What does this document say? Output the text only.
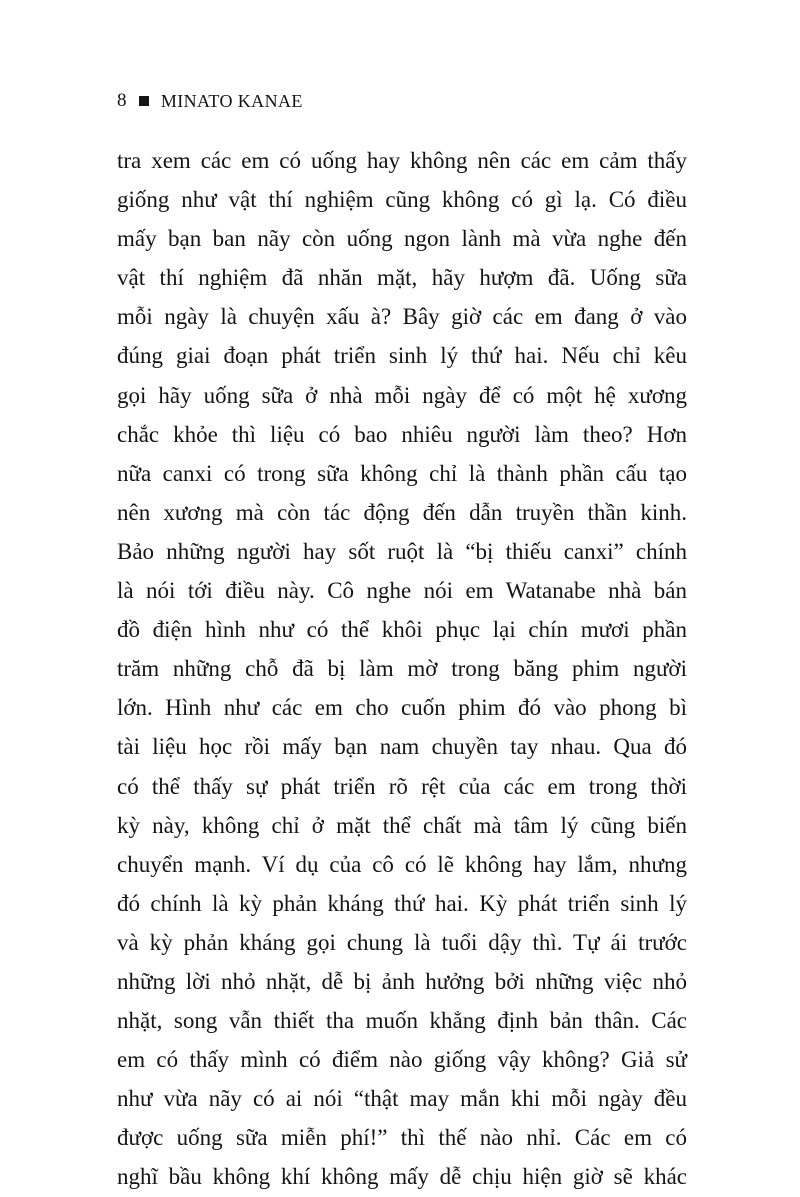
8 MINATO KANAE
tra xem các em có uống hay không nên các em cảm thấy
giống như vật thí nghiệm cũng không có gì lạ. Có điều
mấy bạn ban nãy còn uống ngon lành mà vừa nghe đến
vật thí nghiệm đã nhăn mặt, hãy hượm đã. Uống sữa
mỗi ngày là chuyện xấu à? Bây giờ các em đang ở vào
đúng giai đoạn phát triển sinh lý thứ hai. Nếu chỉ kêu
gọi hãy uống sữa ở nhà mỗi ngày để có một hệ xương
chắc khỏe thì liệu có bao nhiêu người làm theo? Hơn
nữa canxi có trong sữa không chỉ là thành phần cấu tạo
nên xương mà còn tác động đến dẫn truyền thần kinh.
Bảo những người hay sốt ruột là “bị thiếu canxi” chính
là nói tới điều này. Cô nghe nói em Watanabe nhà bán
đồ điện hình như có thể khôi phục lại chín mươi phần
trăm những chỗ đã bị làm mờ trong băng phim người
lớn. Hình như các em cho cuốn phim đó vào phong bì
tài liệu học rồi mấy bạn nam chuyền tay nhau. Qua đó
có thể thấy sự phát triển rõ rệt của các em trong thời
kỳ này, không chỉ ở mặt thể chất mà tâm lý cũng biến
chuyển mạnh. Ví dụ của cô có lẽ không hay lắm, nhưng
đó chính là kỳ phản kháng thứ hai. Kỳ phát triển sinh lý
và kỳ phản kháng gọi chung là tuổi dậy thì. Tự ái trước
những lời nhỏ nhặt, dễ bị ảnh hưởng bởi những việc nhỏ
nhặt, song vẫn thiết tha muốn khẳng định bản thân. Các
em có thấy mình có điểm nào giống vậy không? Giả sử
như vừa nãy có ai nói “thật may mắn khi mỗi ngày đều
được uống sữa miễn phí!” thì thế nào nhỉ. Các em có
nghĩ bầu không khí không mấy dễ chịu hiện giờ sẽ khác
